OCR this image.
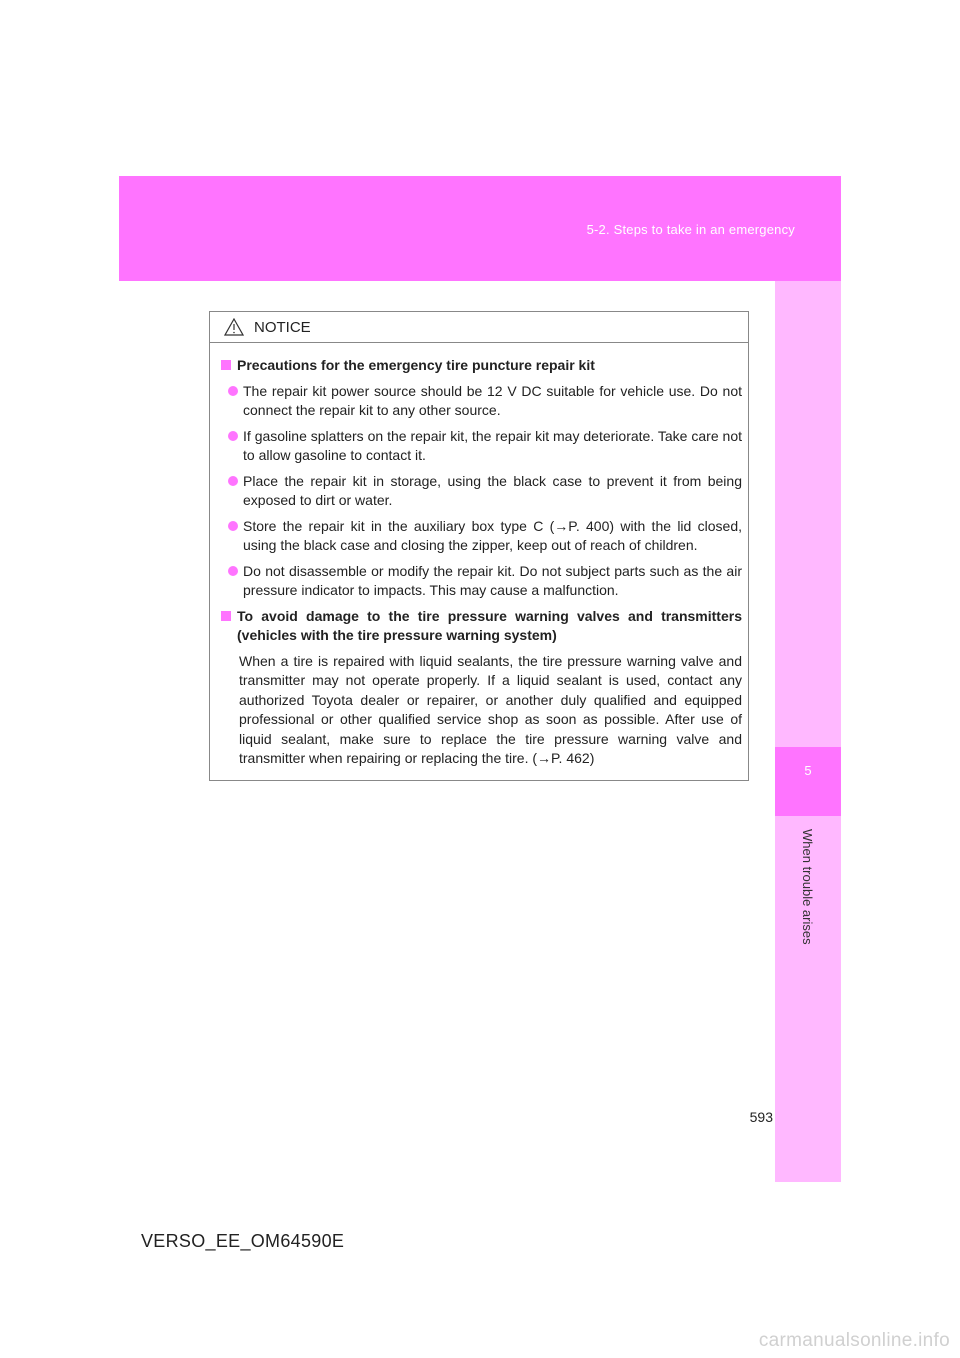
5-2. Steps to take in an emergency
5
When trouble arises
NOTICE
Precautions for the emergency tire puncture repair kit
The repair kit power source should be 12 V DC suitable for vehicle use. Do not connect the repair kit to any other source.
If gasoline splatters on the repair kit, the repair kit may deteriorate. Take care not to allow gasoline to contact it.
Place the repair kit in storage, using the black case to prevent it from being exposed to dirt or water.
Store the repair kit in the auxiliary box type C (→P. 400) with the lid closed, using the black case and closing the zipper, keep out of reach of children.
Do not disassemble or modify the repair kit. Do not subject parts such as the air pressure indicator to impacts. This may cause a malfunction.
To avoid damage to the tire pressure warning valves and transmitters (vehicles with the tire pressure warning system)
When a tire is repaired with liquid sealants, the tire pressure warning valve and transmitter may not operate properly. If a liquid sealant is used, contact any authorized Toyota dealer or repairer, or another duly qualified and equipped professional or other qualified service shop as soon as possible. After use of liquid sealant, make sure to replace the tire pressure warning valve and transmitter when repairing or replacing the tire. (→P. 462)
593
VERSO_EE_OM64590E
carmanualsonline.info
